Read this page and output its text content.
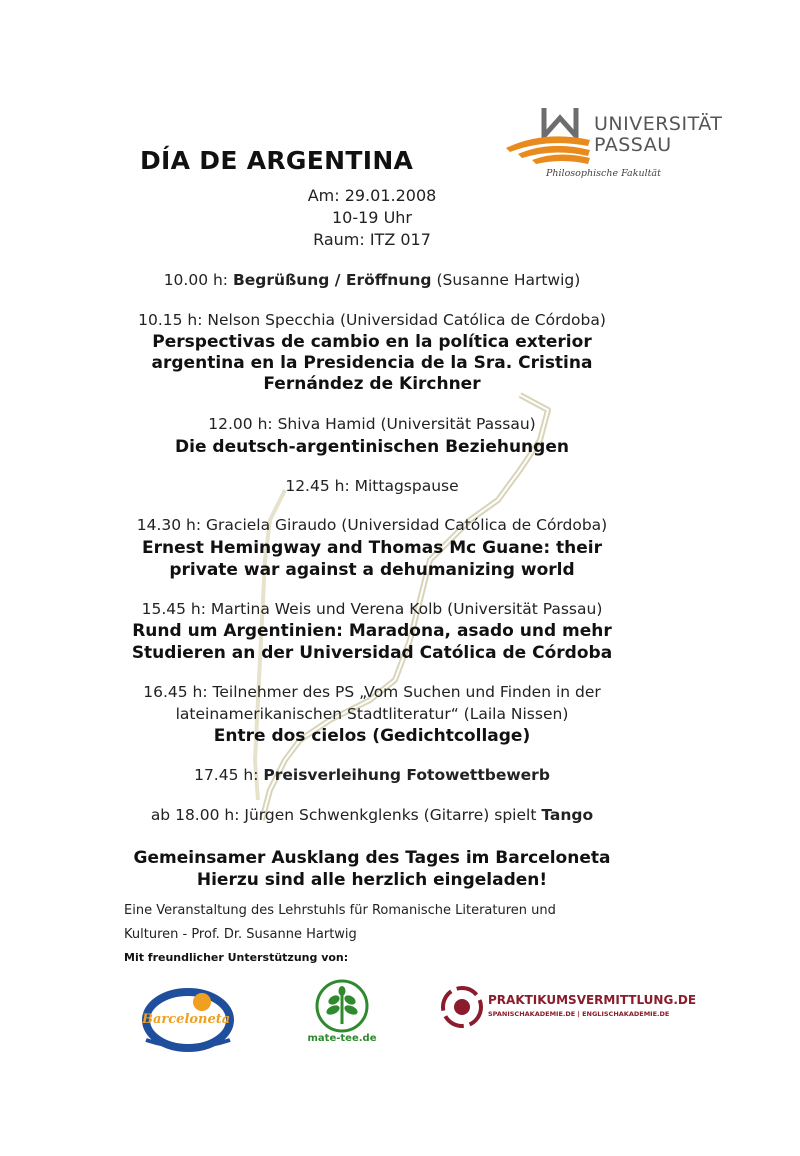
DÍA DE ARGENTINA
UNIVERSITÄT
PASSAU
Philosophische Fakultät
Am: 29.01.2008
10-19 Uhr
Raum: ITZ 017
10.00 h: Begrüßung / Eröffnung (Susanne Hartwig)
10.15 h: Nelson Specchia (Universidad Católica de Córdoba)
Perspectivas de cambio en la política exterior
argentina en la Presidencia de la Sra. Cristina
Fernández de Kirchner
12.00 h: Shiva Hamid (Universität Passau)
Die deutsch-argentinischen Beziehungen
12.45 h: Mittagspause
14.30 h: Graciela Giraudo (Universidad Católica de Córdoba)
Ernest Hemingway and Thomas Mc Guane: their
private war against a dehumanizing world
15.45 h: Martina Weis und Verena Kolb (Universität Passau)
Rund um Argentinien: Maradona, asado und mehr
Studieren an der Universidad Católica de Córdoba
16.45 h: Teilnehmer des PS „Vom Suchen und Finden in der
lateinamerikanischen Stadtliteratur“ (Laila Nissen)
Entre dos cielos (Gedichtcollage)
17.45 h: Preisverleihung Fotowettbewerb
ab 18.00 h: Jürgen Schwenkglenks (Gitarre) spielt Tango
Gemeinsamer Ausklang des Tages im Barceloneta
Hierzu sind alle herzlich eingeladen!
Eine Veranstaltung des Lehrstuhls für Romanische Literaturen und
Kulturen - Prof. Dr. Susanne Hartwig
Mit freundlicher Unterstützung von:
Barceloneta
mate-tee.de
PRAKTIKUMSVERMITTLUNG.DE
SPANISCHAKADEMIE.DE | ENGLISCHAKADEMIE.DE
